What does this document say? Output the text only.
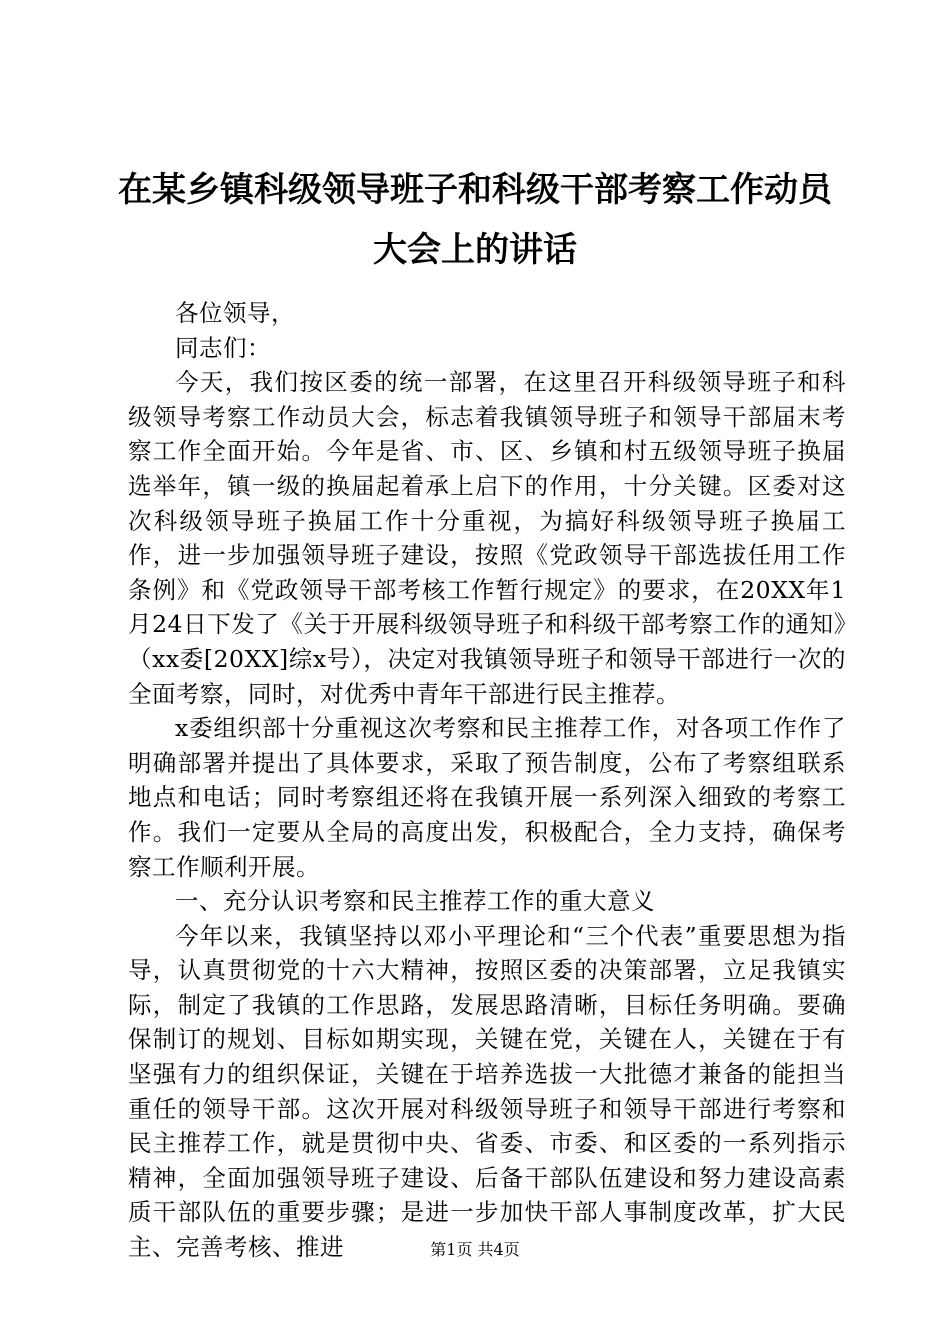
在某乡镇科级领导班子和科级干部考察工作动员大会上的讲话

各位领导，

同志们：

今天，我们按区委的统一部署，在这里召开科级领导班子和科级领导考察工作动员大会，标志着我镇领导班子和领导干部届末考察工作全面开始。今年是省、市、区、乡镇和村五级领导班子换届选举年，镇一级的换届起着承上启下的作用，十分关键。区委对这次科级领导班子换届工作十分重视，为搞好科级领导班子换届工作，进一步加强领导班子建设，按照《党政领导干部选拔任用工作条例》和《党政领导干部考核工作暂行规定》的要求，在20XX年1月24日下发了《关于开展科级领导班子和科级干部考察工作的通知》（xx委[20XX]综x号），决定对我镇领导班子和领导干部进行一次的全面考察，同时，对优秀中青年干部进行民主推荐。

x委组织部十分重视这次考察和民主推荐工作，对各项工作作了明确部署并提出了具体要求，采取了预告制度，公布了考察组联系地点和电话；同时考察组还将在我镇开展一系列深入细致的考察工作。我们一定要从全局的高度出发，积极配合，全力支持，确保考察工作顺利开展。

一、充分认识考察和民主推荐工作的重大意义

今年以来，我镇坚持以邓小平理论和“三个代表”重要思想为指导，认真贯彻党的十六大精神，按照区委的决策部署，立足我镇实际，制定了我镇的工作思路，发展思路清晰，目标任务明确。要确保制订的规划、目标如期实现，关键在党，关键在人，关键在于有坚强有力的组织保证，关键在于培养选拔一大批德才兼备的能担当重任的领导干部。这次开展对科级领导班子和领导干部进行考察和民主推荐工作，就是贯彻中央、省委、市委、和区委的一系列指示精神，全面加强领导班子建设、后备干部队伍建设和努力建设高素质干部队伍的重要步骤；是进一步加快干部人事制度改革，扩大民主、完善考核、推进	第1页 共4页
